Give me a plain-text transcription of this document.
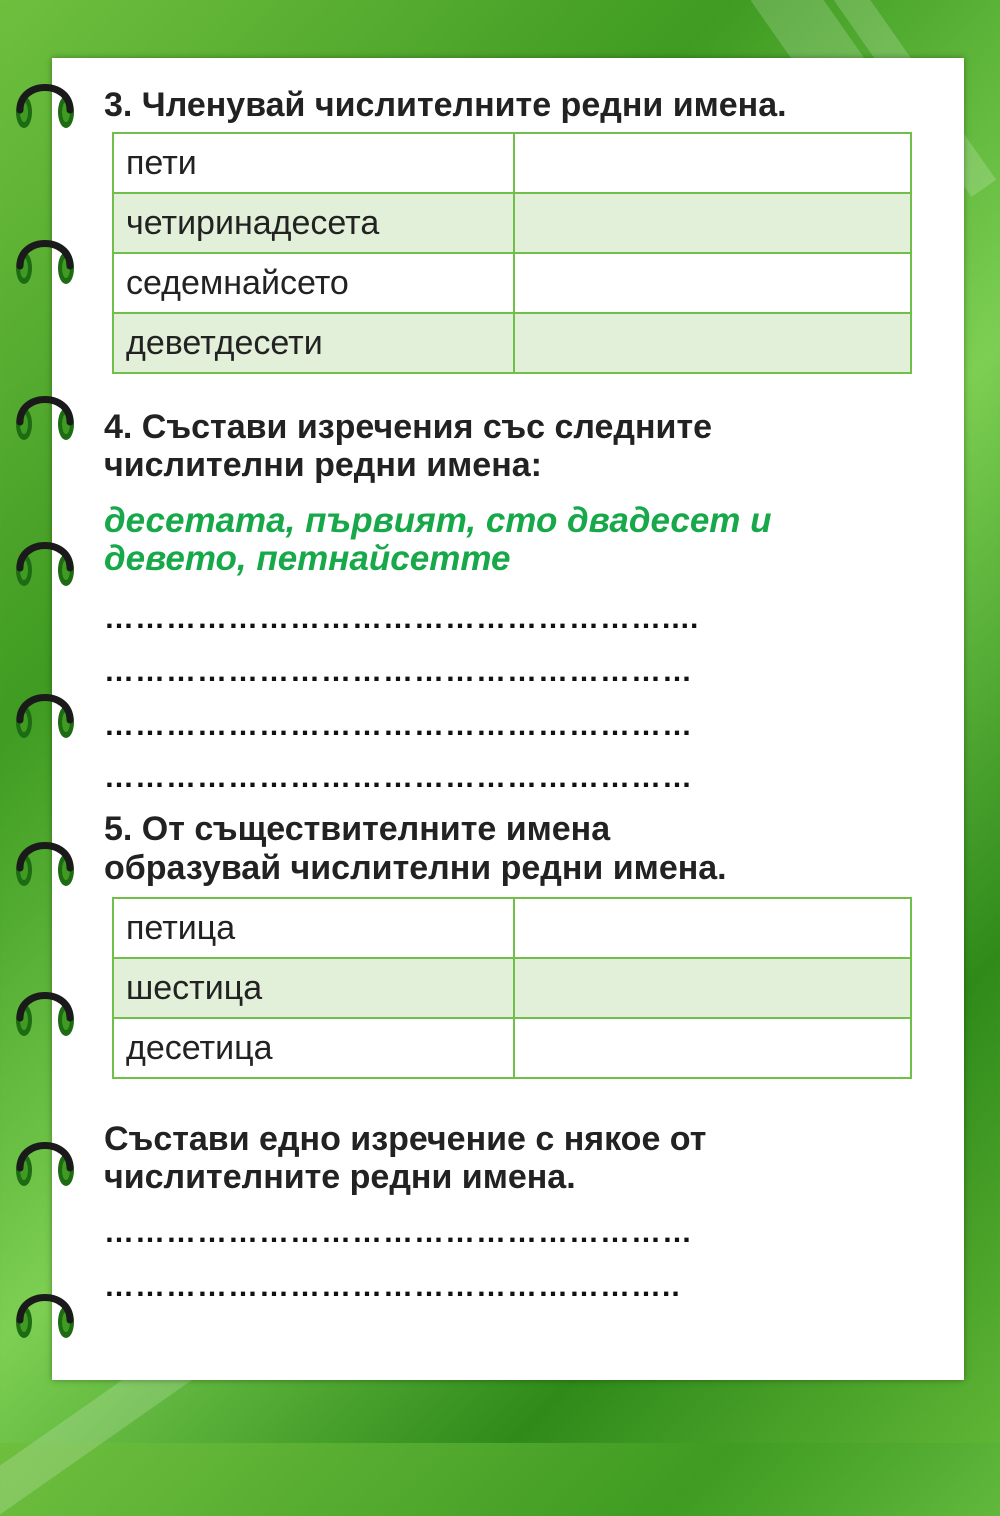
3. Членувай числителните редни имена.
пети	
четиринадесета	
седемнайсето	
деветдесети	
4. Състави изречения със следните
числителни редни имена:
десетата, първият, сто двадесет и
девето, петнайсетте
………………………………………………....
…………………………………………………
…………………………………………………
…………………………………………………
5. От съществителните имена
образувай числителни редни имена.
петица	
шестица	
десетица	
Състави едно изречение с някое от
числителните редни имена.
…………………………………………………
………………………………………………..
